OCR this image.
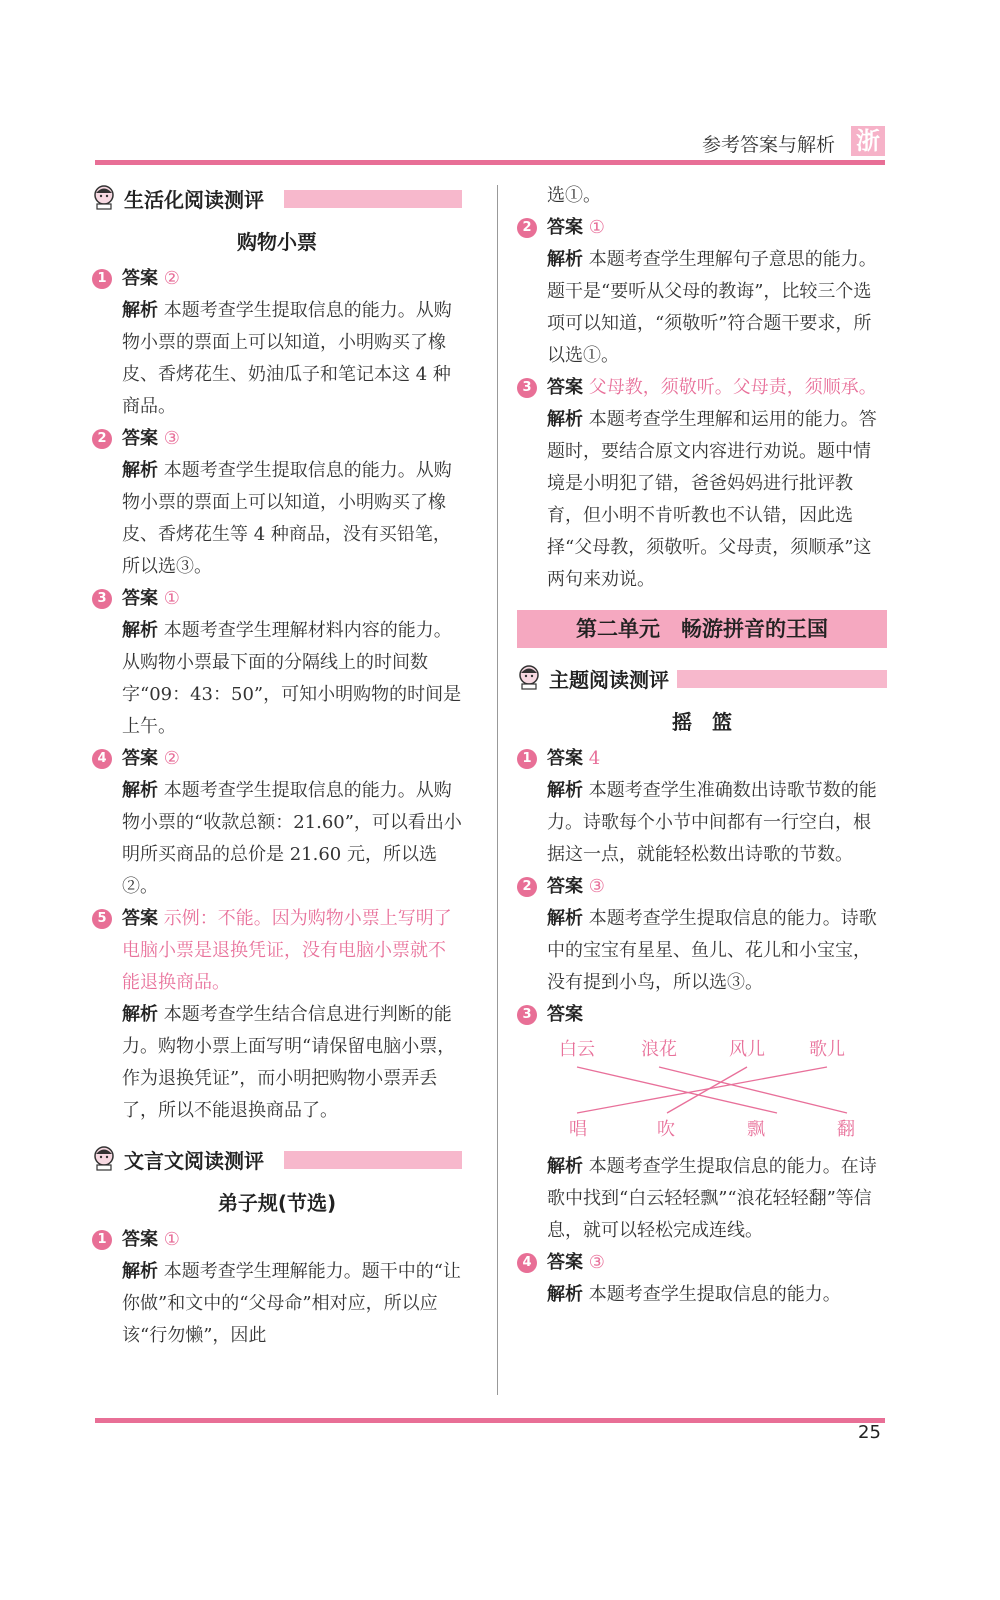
参考答案与解析 浙
生活化阅读测评
购物小票
1 答案 ②
解析 本题考查学生提取信息的能力。从购物小票的票面上可以知道，小明购买了橡皮、香烤花生、奶油瓜子和笔记本这 4 种商品。
2 答案 ③
解析 本题考查学生提取信息的能力。从购物小票的票面上可以知道，小明购买了橡皮、香烤花生等 4 种商品，没有买铅笔，所以选③。
3 答案 ①
解析 本题考查学生理解材料内容的能力。从购物小票最下面的分隔线上的时间数字“09：43：50”，可知小明购物的时间是上午。
4 答案 ②
解析 本题考查学生提取信息的能力。从购物小票的“收款总额：21.60”，可以看出小明所买商品的总价是 21.60 元，所以选②。
5 答案 示例：不能。因为购物小票上写明了电脑小票是退换凭证，没有电脑小票就不能退换商品。
解析 本题考查学生结合信息进行判断的能力。购物小票上面写明“请保留电脑小票，作为退换凭证”，而小明把购物小票弄丢了，所以不能退换商品了。
文言文阅读测评
弟子规(节选)
1 答案 ①
解析 本题考查学生理解能力。题干中的“让你做”和文中的“父母命”相对应，所以应该“行勿懒”，因此
选①。
2 答案 ①
解析 本题考查学生理解句子意思的能力。题干是“要听从父母的教诲”，比较三个选项可以知道，“须敬听”符合题干要求，所以选①。
3 答案 父母教，须敬听。父母责，须顺承。
解析 本题考查学生理解和运用的能力。答题时，要结合原文内容进行劝说。题中情境是小明犯了错，爸爸妈妈进行批评教育，但小明不肯听教也不认错，因此选择“父母教，须敬听。父母责，须顺承”这两句来劝说。
第二单元　畅游拼音的王国
主题阅读测评
摇　篮
1 答案 4
解析 本题考查学生准确数出诗歌节数的能力。诗歌每个小节中间都有一行空白，根据这一点，就能轻松数出诗歌的节数。
2 答案 ③
解析 本题考查学生提取信息的能力。诗歌中的宝宝有星星、鱼儿、花儿和小宝宝，没有提到小鸟，所以选③。
3 答案
白云	浪花	风儿 歌儿
唱	吹	飘	翻
解析 本题考查学生提取信息的能力。在诗歌中找到“白云轻轻飘”“浪花轻轻翻”等信息，就可以轻松完成连线。
4 答案 ③
解析 本题考查学生提取信息的能力。
25
